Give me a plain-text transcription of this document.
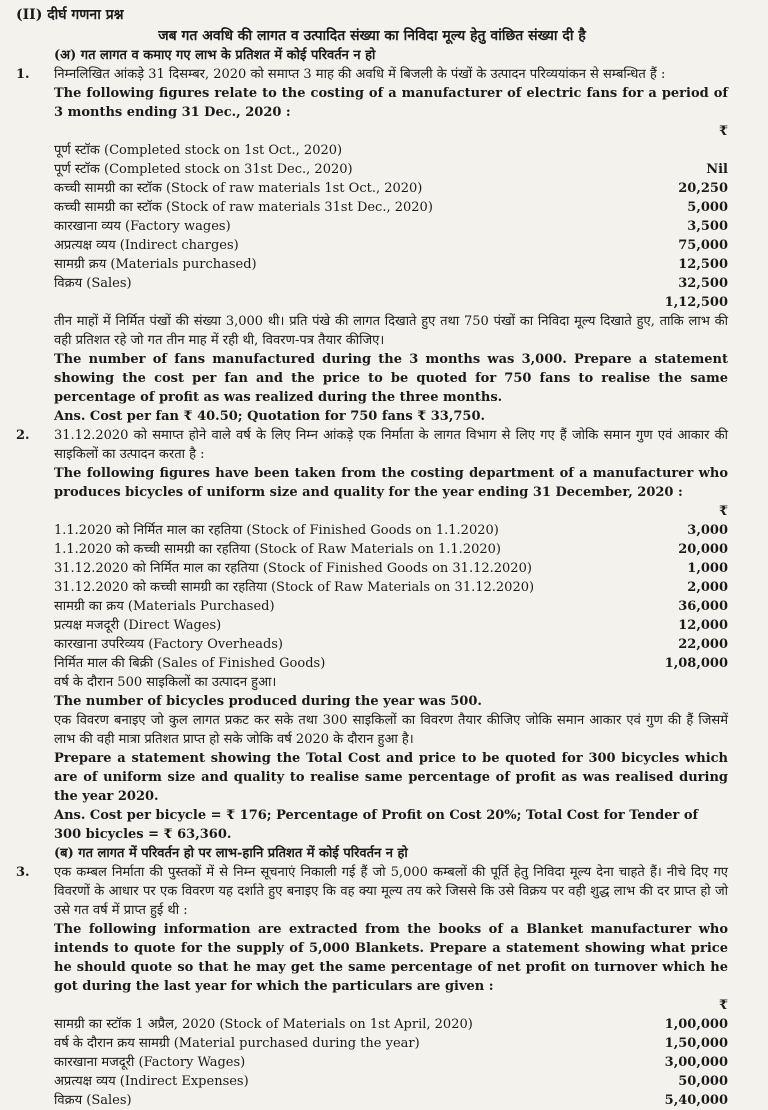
(II) दीर्घ गणना प्रश्न
जब गत अवधि की लागत व उत्पादित संख्या का निविदा मूल्य हेतु वांछित संख्या दी है
(अ) गत लागत व कमाए गए लाभ के प्रतिशत में कोई परिवर्तन न हो
1. निम्नलिखित आंकड़े 31 दिसम्बर, 2020 को समाप्त 3 माह की अवधि में बिजली के पंखों के उत्पादन परिव्ययांकन से सम्बन्धित हैं :
The following figures relate to the costing of a manufacturer of electric fans for a period of 3 months ending 31 Dec., 2020 :
₹
पूर्ण स्टॉक (Completed stock on 1st Oct., 2020)
पूर्ण स्टॉक (Completed stock on 31st Dec., 2020)	Nil
कच्ची सामग्री का स्टॉक (Stock of raw materials 1st Oct., 2020)	20,250
कच्ची सामग्री का स्टॉक (Stock of raw materials 31st Dec., 2020)	5,000
कारखाना व्यय (Factory wages)	3,500
अप्रत्यक्ष व्यय (Indirect charges)	75,000
सामग्री क्रय (Materials purchased)	12,500
विक्रय (Sales)	32,500
1,12,500
तीन माहों में निर्मित पंखों की संख्या 3,000 थी। प्रति पंखे की लागत दिखाते हुए तथा 750 पंखों का निविदा मूल्य दिखाते हुए, ताकि लाभ की वही प्रतिशत रहे जो गत तीन माह में रही थी, विवरण-पत्र तैयार कीजिए।
The number of fans manufactured during the 3 months was 3,000. Prepare a statement showing the cost per fan and the price to be quoted for 750 fans to realise the same percentage of profit as was realized during the three months.
Ans. Cost per fan ₹ 40.50; Quotation for 750 fans ₹ 33,750.
2. 31.12.2020 को समाप्त होने वाले वर्ष के लिए निम्न आंकड़े एक निर्माता के लागत विभाग से लिए गए हैं जोकि समान गुण एवं आकार की साइकिलों का उत्पादन करता है :
The following figures have been taken from the costing department of a manufacturer who produces bicycles of uniform size and quality for the year ending 31 December, 2020 :
₹
1.1.2020 को निर्मित माल का रहतिया (Stock of Finished Goods on 1.1.2020)	3,000
1.1.2020 को कच्ची सामग्री का रहतिया (Stock of Raw Materials on 1.1.2020)	20,000
31.12.2020 को निर्मित माल का रहतिया (Stock of Finished Goods on 31.12.2020)	1,000
31.12.2020 को कच्ची सामग्री का रहतिया (Stock of Raw Materials on 31.12.2020)	2,000
सामग्री का क्रय (Materials Purchased)	36,000
प्रत्यक्ष मजदूरी (Direct Wages)	12,000
कारखाना उपरिव्यय (Factory Overheads)	22,000
निर्मित माल की बिक्री (Sales of Finished Goods)	1,08,000
वर्ष के दौरान 500 साइकिलों का उत्पादन हुआ।
The number of bicycles produced during the year was 500.
एक विवरण बनाइए जो कुल लागत प्रकट कर सके तथा 300 साइकिलों का विवरण तैयार कीजिए जोकि समान आकार एवं गुण की हैं जिसमें लाभ की वही मात्रा प्रतिशत प्राप्त हो सके जोकि वर्ष 2020 के दौरान हुआ है।
Prepare a statement showing the Total Cost and price to be quoted for 300 bicycles which are of uniform size and quality to realise same percentage of profit as was realised during the year 2020.
Ans. Cost per bicycle = ₹ 176; Percentage of Profit on Cost 20%; Total Cost for Tender of 300 bicycles = ₹ 63,360.
(ब) गत लागत में परिवर्तन हो पर लाभ-हानि प्रतिशत में कोई परिवर्तन न हो
3. एक कम्बल निर्माता की पुस्तकों में से निम्न सूचनाएं निकाली गई हैं जो 5,000 कम्बलों की पूर्ति हेतु निविदा मूल्य देना चाहते हैं। नीचे दिए गए विवरणों के आधार पर एक विवरण यह दर्शाते हुए बनाइए कि वह क्या मूल्य तय करे जिससे कि उसे विक्रय पर वही शुद्ध लाभ की दर प्राप्त हो जो उसे गत वर्ष में प्राप्त हुई थी :
The following information are extracted from the books of a Blanket manufacturer who intends to quote for the supply of 5,000 Blankets. Prepare a statement showing what price he should quote so that he may get the same percentage of net profit on turnover which he got during the last year for which the particulars are given :
₹
सामग्री का स्टॉक 1 अप्रैल, 2020 (Stock of Materials on 1st April, 2020)	1,00,000
वर्ष के दौरान क्रय सामग्री (Material purchased during the year)	1,50,000
कारखाना मजदूरी (Factory Wages)	3,00,000
अप्रत्यक्ष व्यय (Indirect Expenses)	50,000
विक्रय (Sales)	5,40,000
